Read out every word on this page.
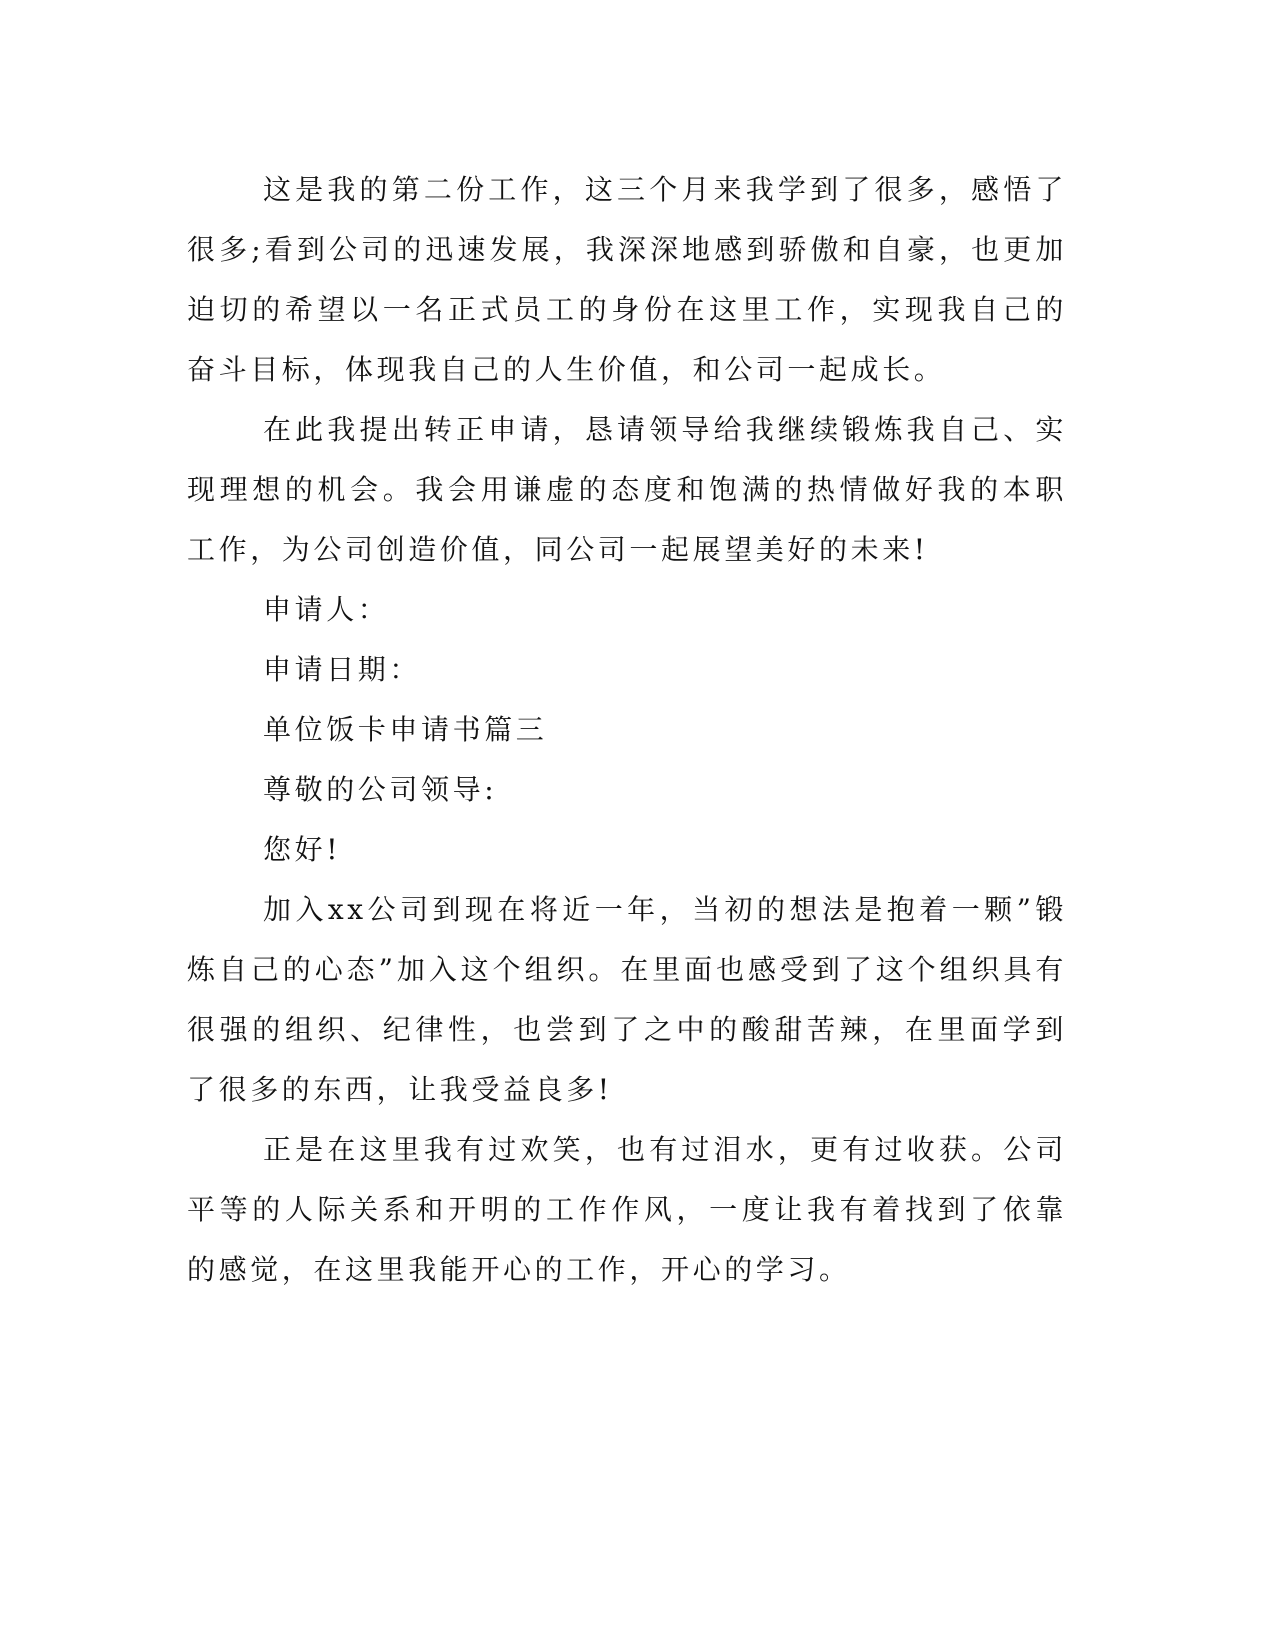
这是我的第二份工作，这三个月来我学到了很多，感悟了很多;看到公司的迅速发展，我深深地感到骄傲和自豪，也更加迫切的希望以一名正式员工的身份在这里工作，实现我自己的奋斗目标，体现我自己的人生价值，和公司一起成长。

在此我提出转正申请，恳请领导给我继续锻炼我自己、实现理想的机会。我会用谦虚的态度和饱满的热情做好我的本职工作，为公司创造价值，同公司一起展望美好的未来!

申请人：

申请日期：

单位饭卡申请书篇三

尊敬的公司领导:

您好!

加入xx公司到现在将近一年，当初的想法是抱着一颗”锻炼自己的心态”加入这个组织。在里面也感受到了这个组织具有很强的组织、纪律性，也尝到了之中的酸甜苦辣，在里面学到了很多的东西，让我受益良多!

正是在这里我有过欢笑，也有过泪水，更有过收获。公司平等的人际关系和开明的工作作风，一度让我有着找到了依靠的感觉，在这里我能开心的工作，开心的学习。
